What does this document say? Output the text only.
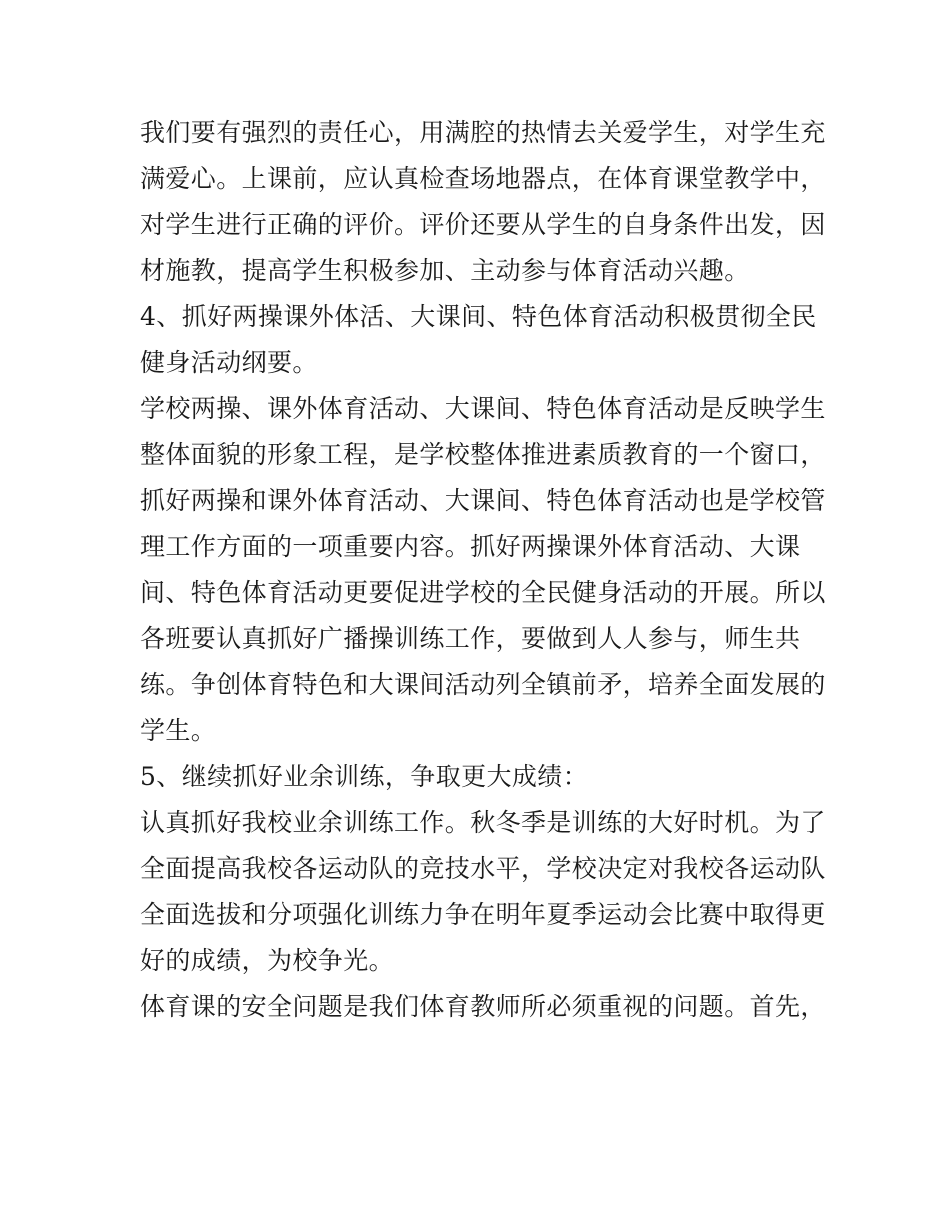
我们要有强烈的责任心，用满腔的热情去关爱学生，对学生充
满爱心。上课前，应认真检查场地器点，在体育课堂教学中，
对学生进行正确的评价。评价还要从学生的自身条件出发，因
材施教，提高学生积极参加、主动参与体育活动兴趣。

4、抓好两操课外体活、大课间、特色体育活动积极贯彻全民
健身活动纲要。

学校两操、课外体育活动、大课间、特色体育活动是反映学生
整体面貌的形象工程，是学校整体推进素质教育的一个窗口，
抓好两操和课外体育活动、大课间、特色体育活动也是学校管
理工作方面的一项重要内容。抓好两操课外体育活动、大课
间、特色体育活动更要促进学校的全民健身活动的开展。所以
各班要认真抓好广播操训练工作，要做到人人参与，师生共
练。争创体育特色和大课间活动列全镇前矛，培养全面发展的
学生。

5、继续抓好业余训练，争取更大成绩：

认真抓好我校业余训练工作。秋冬季是训练的大好时机。为了
全面提高我校各运动队的竞技水平，学校决定对我校各运动队
全面选拔和分项强化训练力争在明年夏季运动会比赛中取得更
好的成绩，为校争光。

体育课的安全问题是我们体育教师所必须重视的问题。首先，
